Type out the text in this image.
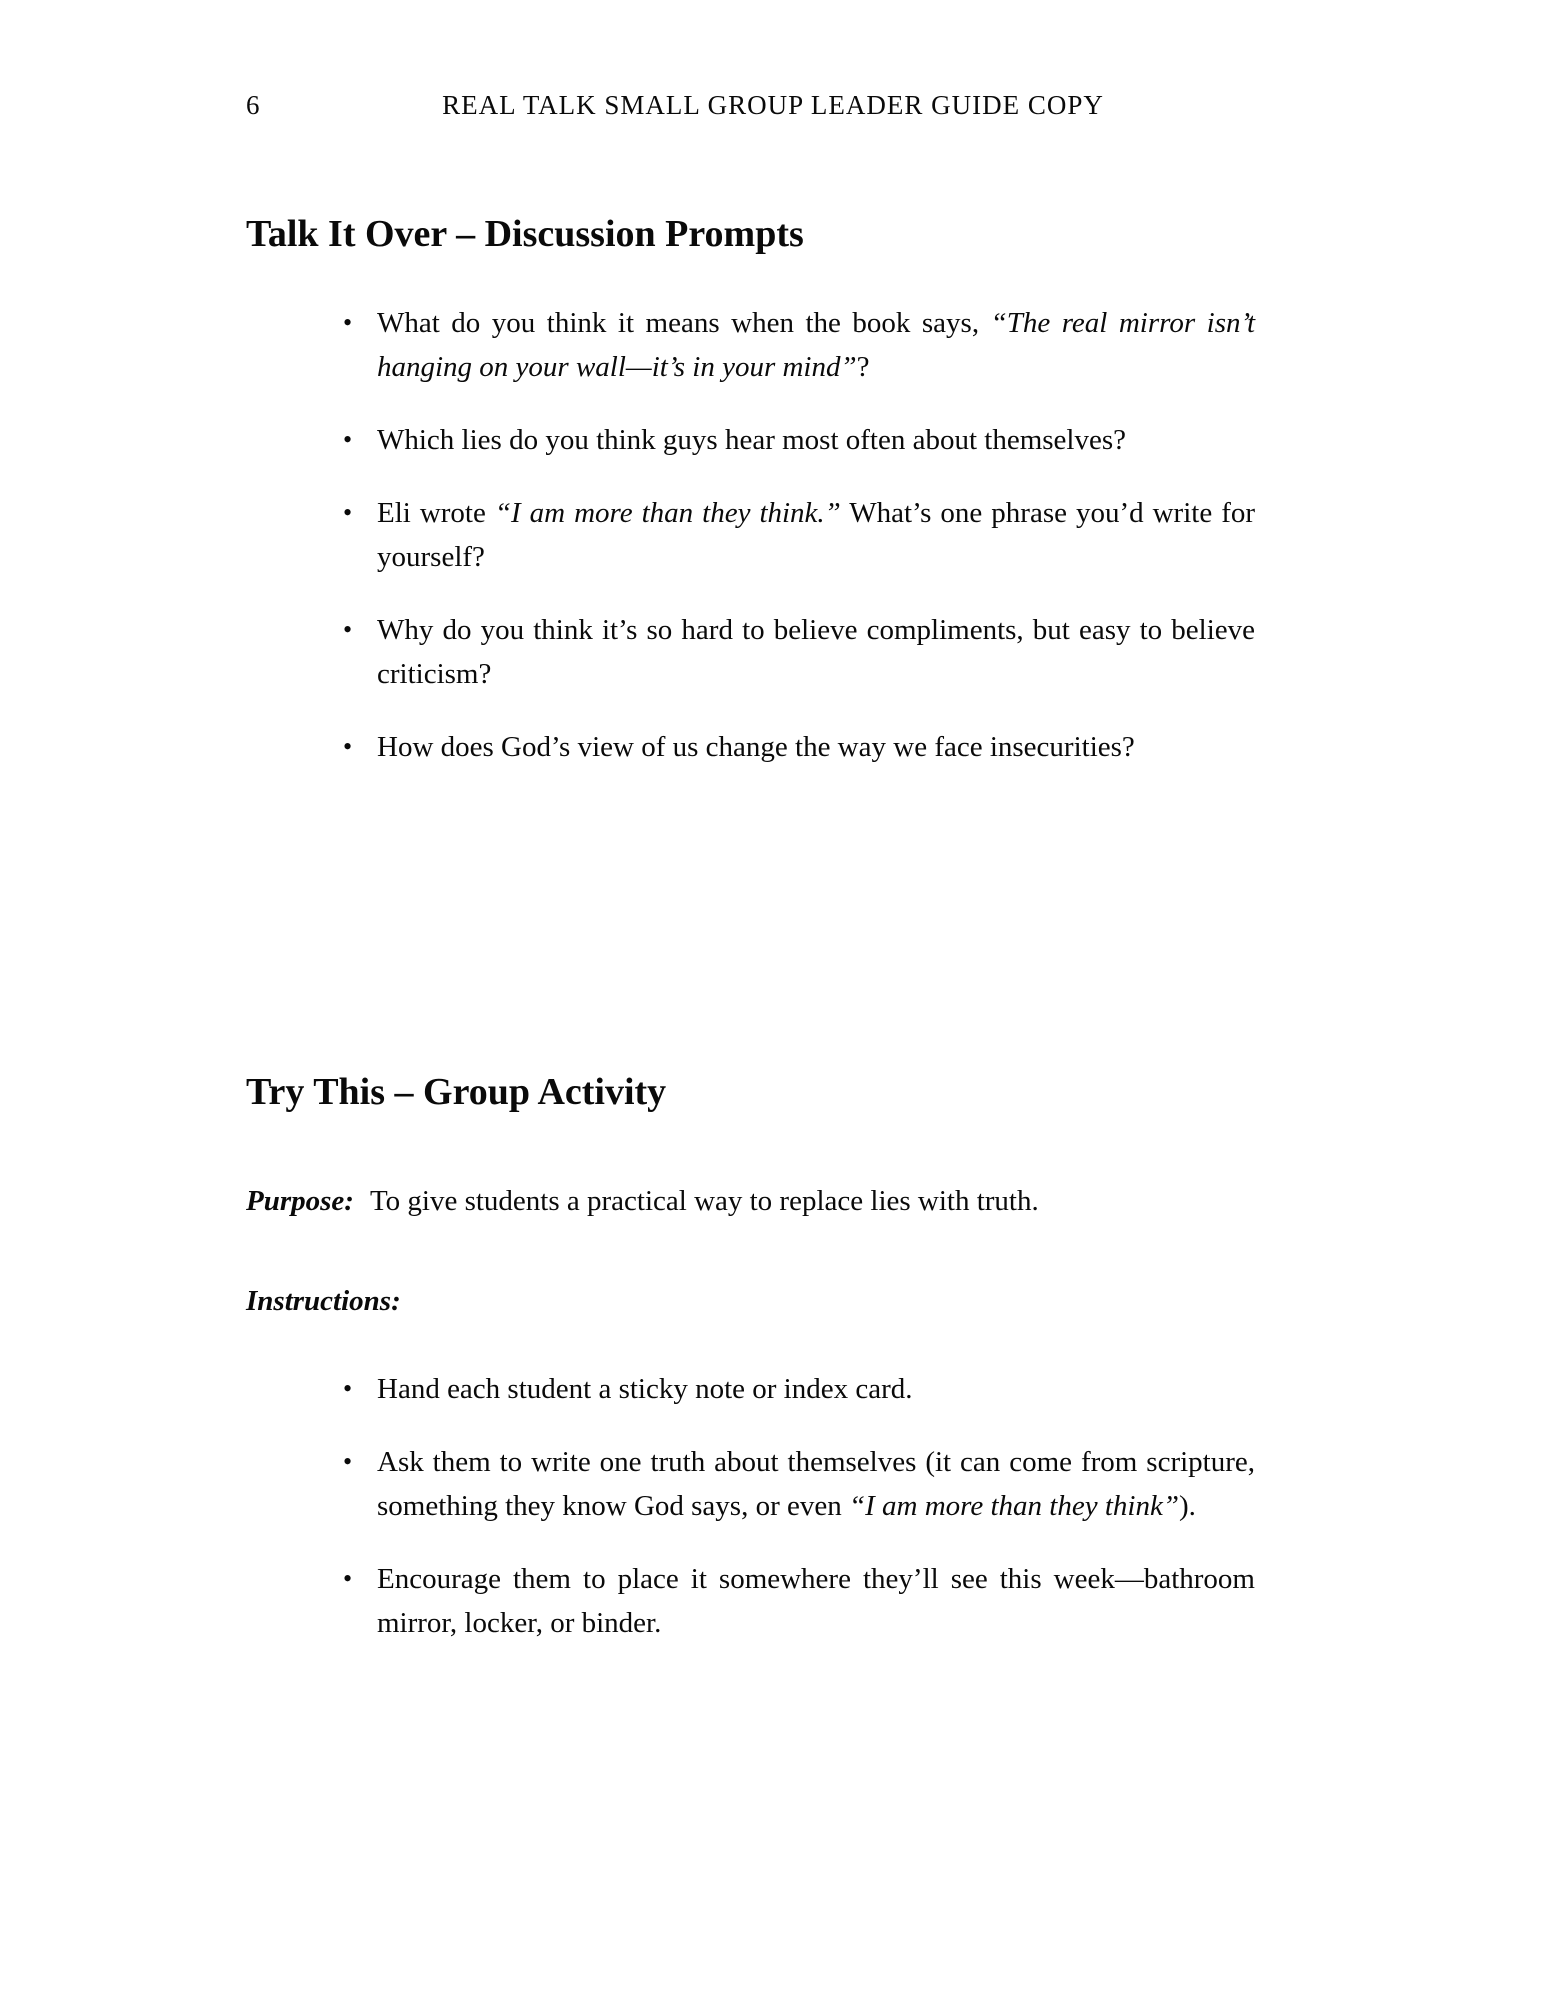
6	REAL TALK SMALL GROUP LEADER GUIDE COPY
Talk It Over – Discussion Prompts
• What do you think it means when the book says, “The real mirror isn’t hanging on your wall—it’s in your mind”?

• Which lies do you think guys hear most often about themselves?

• Eli wrote “I am more than they think.” What’s one phrase you’d write for yourself?

• Why do you think it’s so hard to believe compliments, but easy to believe criticism?

• How does God’s view of us change the way we face insecurities?

Try This – Group Activity

Purpose: To give students a practical way to replace lies with truth.

Instructions:

• Hand each student a sticky note or index card.

• Ask them to write one truth about themselves (it can come from scripture, something they know God says, or even “I am more than they think”).

• Encourage them to place it somewhere they’ll see this week—bathroom mirror, locker, or binder.
